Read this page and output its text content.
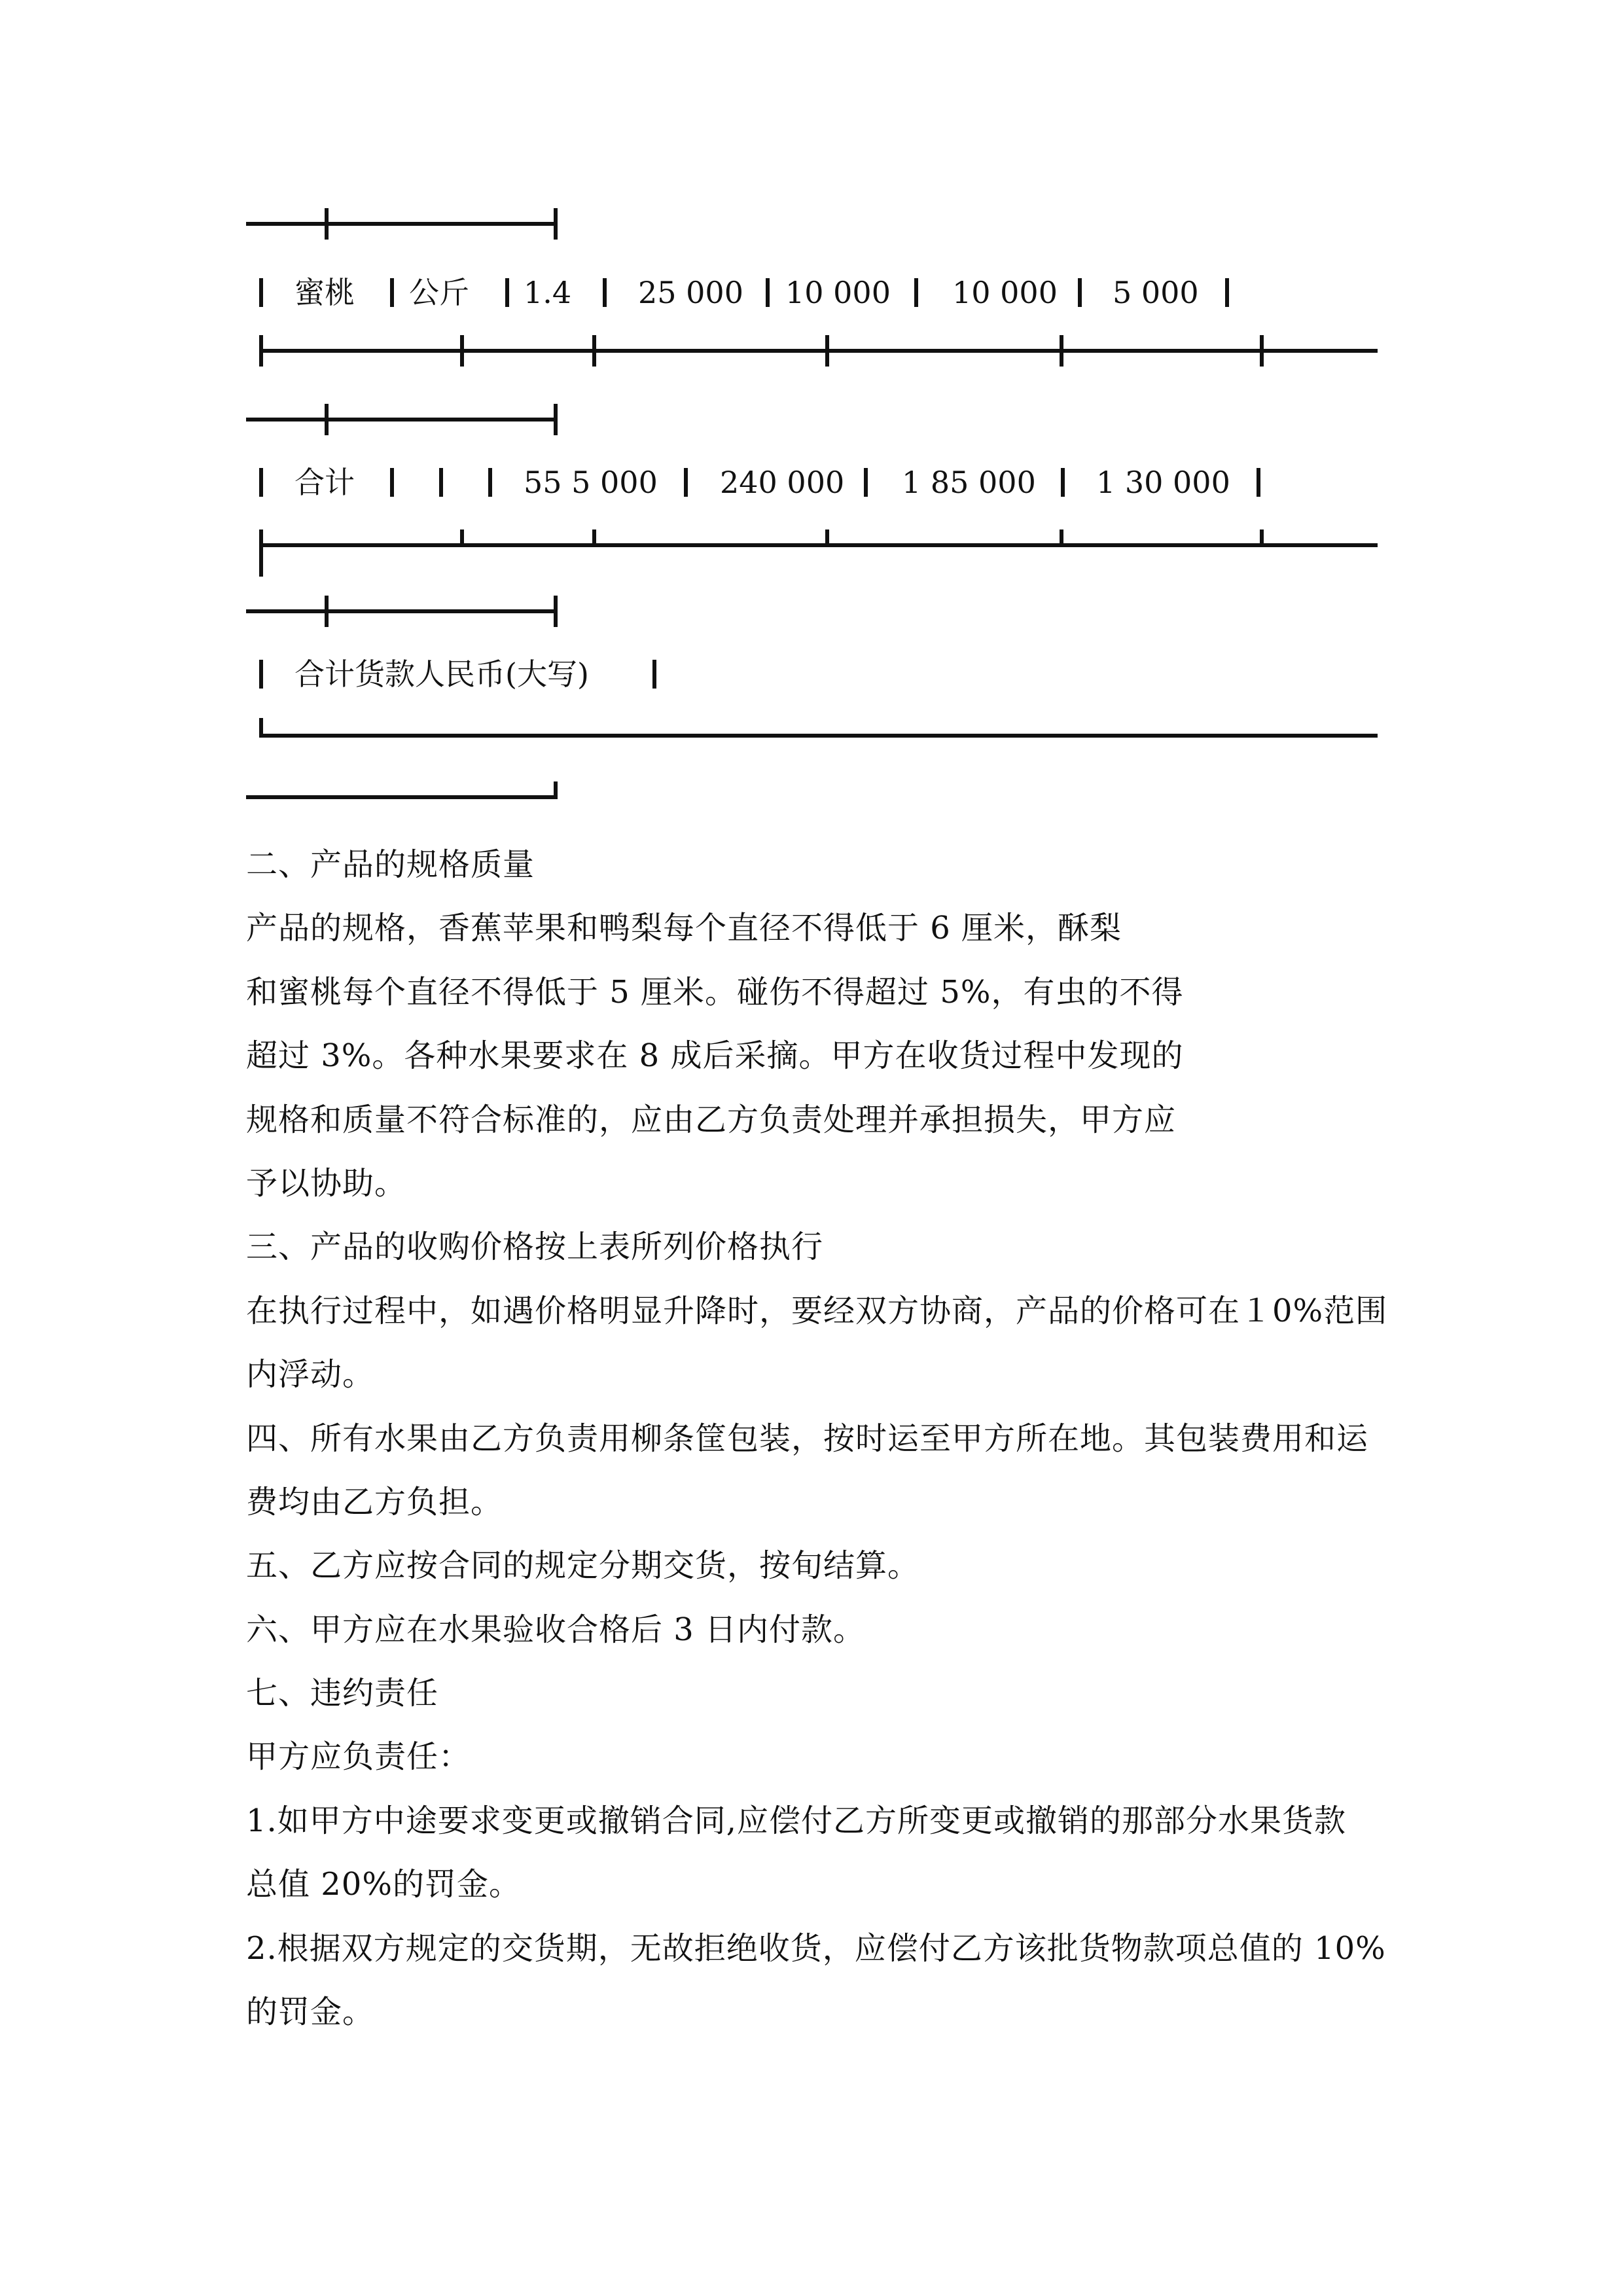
蜜桃 公斤 1.4 25 000 10 000 10 000 5 000
合计	55 5 000 240 000 1 85 000 1 30 000
合计货款人民币(大写)
二、产品的规格质量
产品的规格，香蕉苹果和鸭梨每个直径不得低于 6 厘米，酥梨
和蜜桃每个直径不得低于 5 厘米。碰伤不得超过 5%，有虫的不得
超过 3%。各种水果要求在 8 成后采摘。甲方在收货过程中发现的
规格和质量不符合标准的，应由乙方负责处理并承担损失，甲方应
予以协助。
三、产品的收购价格按上表所列价格执行
在执行过程中，如遇价格明显升降时，要经双方协商，产品的价格可在１0%范围
内浮动。
四、所有水果由乙方负责用柳条筐包装，按时运至甲方所在地。其包装费用和运
费均由乙方负担。
五、乙方应按合同的规定分期交货，按旬结算。
六、甲方应在水果验收合格后 3 日内付款。
七、违约责任
甲方应负责任：
1.如甲方中途要求变更或撤销合同,应偿付乙方所变更或撤销的那部分水果货款
总值 20%的罚金。
2.根据双方规定的交货期，无故拒绝收货，应偿付乙方该批货物款项总值的 10%
的罚金。
